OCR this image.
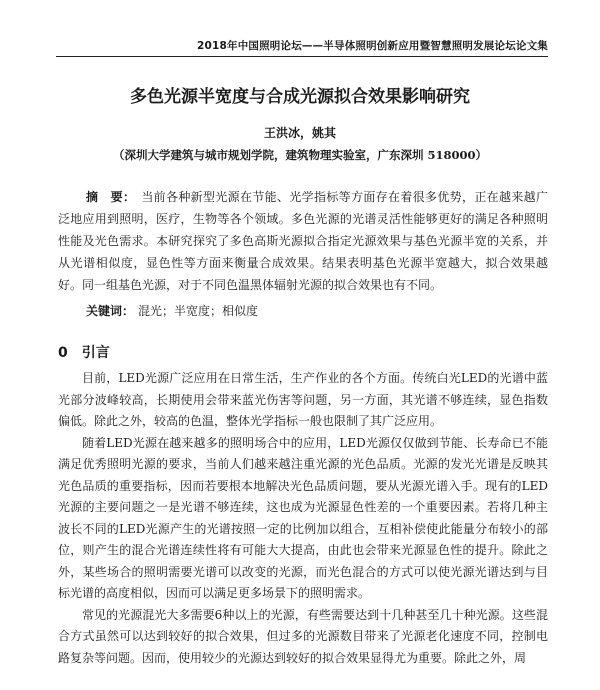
2018年中国照明论坛——半导体照明创新应用暨智慧照明发展论坛论文集
多色光源半宽度与合成光源拟合效果影响研究
王洪冰，姚其
（深圳大学建筑与城市规划学院，建筑物理实验室，广东深圳 518000）
摘　要： 当前各种新型光源在节能、光学指标等方面存在着很多优势，正在越来越广泛地应用到照明，医疗，生物等各个领域。多色光源的光谱灵活性能够更好的满足各种照明性能及光色需求。本研究探究了多色高斯光源拟合指定光源效果与基色光源半宽的关系，并从光谱相似度，显色性等方面来衡量合成效果。结果表明基色光源半宽越大，拟合效果越好。同一组基色光源，对于不同色温黑体辐射光源的拟合效果也有不同。
关键词： 混光；半宽度；相似度
0 引言

目前，LED光源广泛应用在日常生活，生产作业的各个方面。传统白光LED的光谱中蓝光部分波峰较高，长期使用会带来蓝光伤害等问题，另一方面，其光谱不够连续，显色指数偏低。除此之外，较高的色温，整体光学指标一般也限制了其广泛应用。

随着LED光源在越来越多的照明场合中的应用，LED光源仅仅做到节能、长寿命已不能满足优秀照明光源的要求，当前人们越来越注重光源的光色品质。光源的发光光谱是反映其光色品质的重要指标，因而若要根本地解决光色品质问题，要从光源光谱入手。现有的LED光源的主要问题之一是光谱不够连续，这也成为光源显色性差的一个重要因素。若将几种主波长不同的LED光源产生的光谱按照一定的比例加以组合，互相补偿使此能量分布较小的部位，则产生的混合光谱连续性将有可能大大提高，由此也会带来光源显色性的提升。除此之外，某些场合的照明需要光谱可以改变的光源，而光色混合的方式可以使光源光谱达到与目标光谱的高度相似，因而可以满足更多场景下的照明需求。

常见的光源混光大多需要6种以上的光源，有些需要达到十几种甚至几十种光源。这些混合方式虽然可以达到较好的拟合效果，但过多的光源数目带来了光源老化速度不同，控制电路复杂等问题。因而，使用较少的光源达到较好的拟合效果显得尤为重要。除此之外，周
